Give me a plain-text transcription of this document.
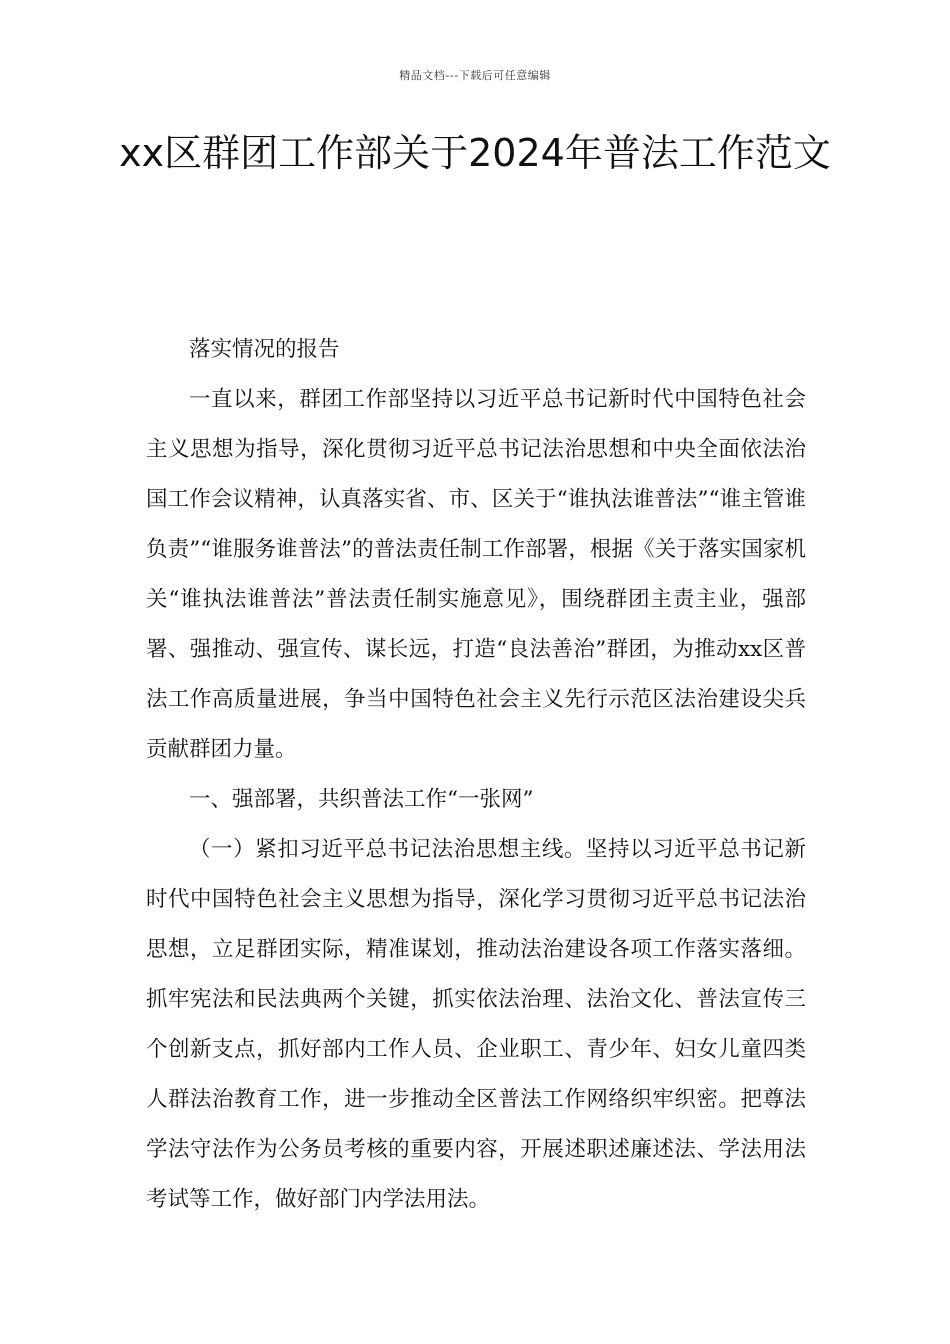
精品文档---下载后可任意编辑
xx区群团工作部关于2024年普法工作范文

落实情况的报告

一直以来，群团工作部坚持以习近平总书记新时代中国特色社会主义思想为指导，深化贯彻习近平总书记法治思想和中央全面依法治国工作会议精神，认真落实省、市、区关于“谁执法谁普法”“谁主管谁负责”“谁服务谁普法”的普法责任制工作部署，根据《关于落实国家机关“谁执法谁普法”普法责任制实施意见》，围绕群团主责主业，强部署、强推动、强宣传、谋长远，打造“良法善治”群团，为推动xx区普法工作高质量进展，争当中国特色社会主义先行示范区法治建设尖兵贡献群团力量。

一、强部署，共织普法工作“一张网”

（一）紧扣习近平总书记法治思想主线。坚持以习近平总书记新时代中国特色社会主义思想为指导，深化学习贯彻习近平总书记法治思想，立足群团实际，精准谋划，推动法治建设各项工作落实落细。抓牢宪法和民法典两个关键，抓实依法治理、法治文化、普法宣传三个创新支点，抓好部内工作人员、企业职工、青少年、妇女儿童四类人群法治教育工作，进一步推动全区普法工作网络织牢织密。把尊法学法守法作为公务员考核的重要内容，开展述职述廉述法、学法用法考试等工作，做好部门内学法用法。
